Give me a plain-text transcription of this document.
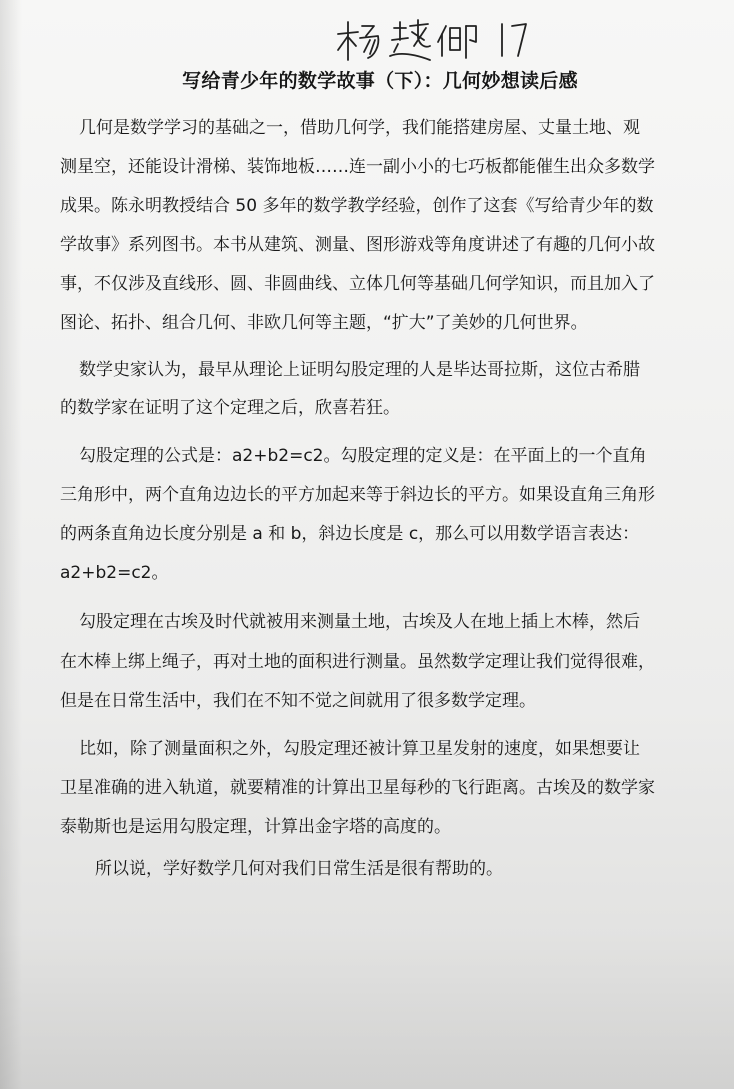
写给青少年的数学故事（下）：几何妙想读后感

几何是数学学习的基础之一，借助几何学，我们能搭建房屋、丈量土地、观

测星空，还能设计滑梯、装饰地板……连一副小小的七巧板都能催生出众多数学

成果。陈永明教授结合 50 多年的数学教学经验，创作了这套《写给青少年的数

学故事》系列图书。本书从建筑、测量、图形游戏等角度讲述了有趣的几何小故

事，不仅涉及直线形、圆、非圆曲线、立体几何等基础几何学知识，而且加入了

图论、拓扑、组合几何、非欧几何等主题，“扩大”了美妙的几何世界。

数学史家认为，最早从理论上证明勾股定理的人是毕达哥拉斯，这位古希腊

的数学家在证明了这个定理之后，欣喜若狂。

勾股定理的公式是：a2+b2=c2。勾股定理的定义是：在平面上的一个直角

三角形中，两个直角边边长的平方加起来等于斜边长的平方。如果设直角三角形

的两条直角边长度分别是 a 和 b，斜边长度是 c，那么可以用数学语言表达：

a2+b2=c2。

勾股定理在古埃及时代就被用来测量土地，古埃及人在地上插上木棒，然后

在木棒上绑上绳子，再对土地的面积进行测量。虽然数学定理让我们觉得很难，

但是在日常生活中，我们在不知不觉之间就用了很多数学定理。

比如，除了测量面积之外，勾股定理还被计算卫星发射的速度，如果想要让

卫星准确的进入轨道，就要精准的计算出卫星每秒的飞行距离。古埃及的数学家

泰勒斯也是运用勾股定理，计算出金字塔的高度的。

所以说，学好数学几何对我们日常生活是很有帮助的。
